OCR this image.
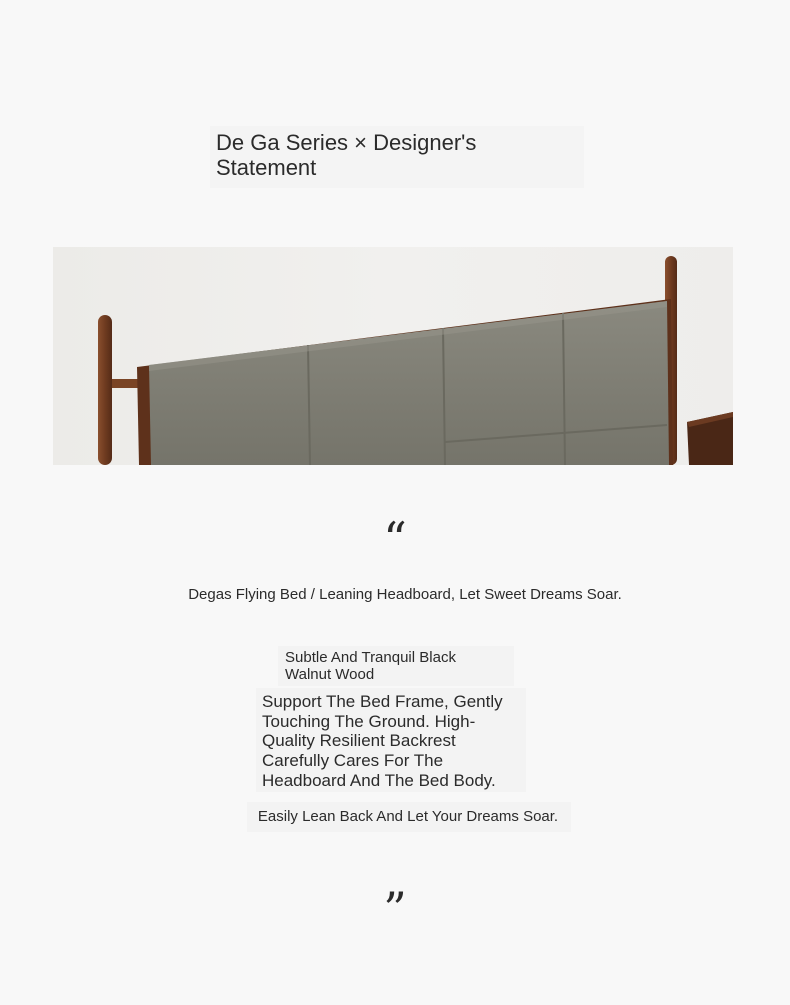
De Ga Series × Designer's Statement
“
Degas Flying Bed / Leaning Headboard, Let Sweet Dreams Soar.
Subtle And Tranquil Black Walnut Wood
Support The Bed Frame, Gently Touching The Ground. High-Quality Resilient Backrest Carefully Cares For The Headboard And The Bed Body.
Easily Lean Back And Let Your Dreams Soar.
”
